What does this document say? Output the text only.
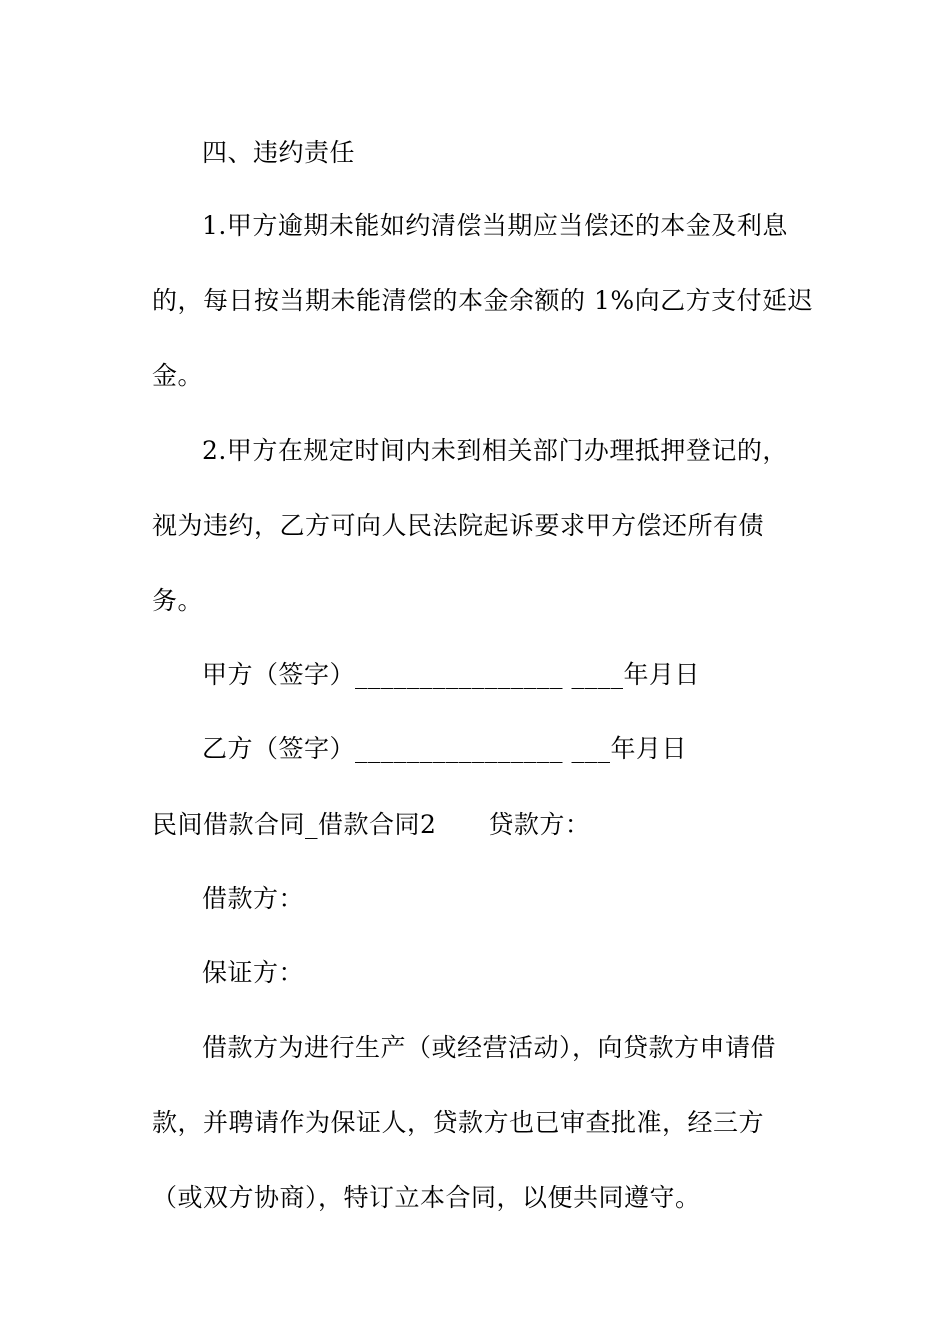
四、违约责任
1.甲方逾期未能如约清偿当期应当偿还的本金及利息
的，每日按当期未能清偿的本金余额的 1%向乙方支付延迟
金。
2.甲方在规定时间内未到相关部门办理抵押登记的，
视为违约，乙方可向人民法院起诉要求甲方偿还所有债
务。
甲方（签字）________________ ____年月日
乙方（签字）________________ ___年月日
民间借款合同_借款合同2 贷款方：
借款方：
保证方：
借款方为进行生产（或经营活动），向贷款方申请借
款，并聘请作为保证人，贷款方也已审查批准，经三方
（或双方协商），特订立本合同，以便共同遵守。
